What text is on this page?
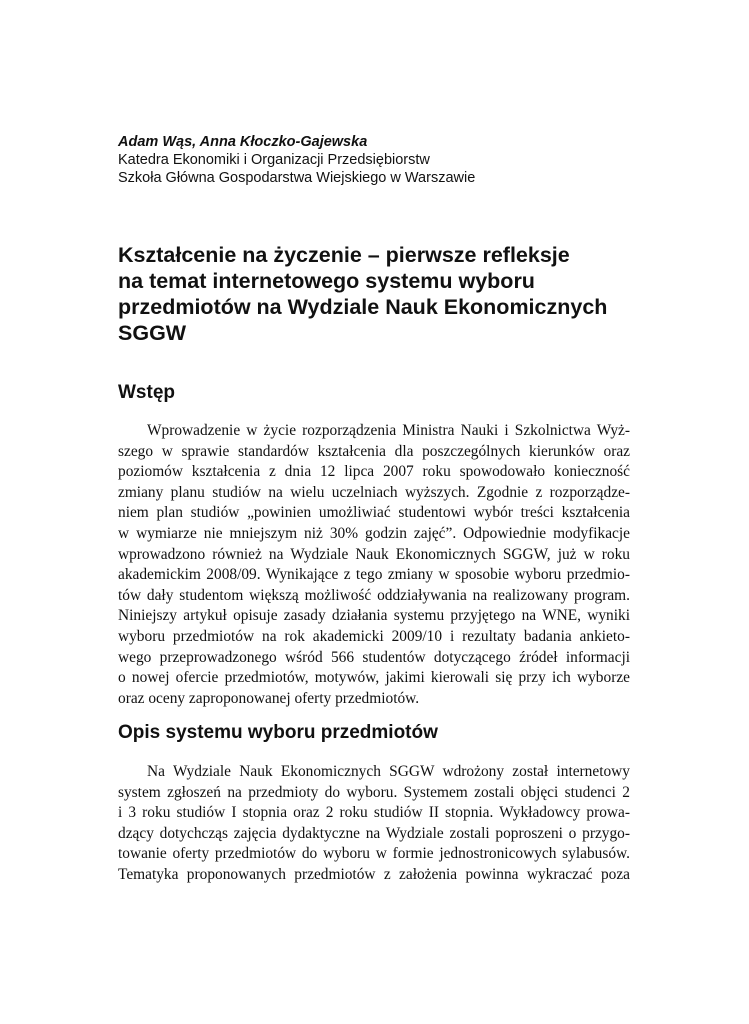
Adam Wąs, Anna Kłoczko-Gajewska
Katedra Ekonomiki i Organizacji Przedsiębiorstw
Szkoła Główna Gospodarstwa Wiejskiego w Warszawie
Kształcenie na życzenie – pierwsze refleksje
na temat internetowego systemu wyboru
przedmiotów na Wydziale Nauk Ekonomicznych
SGGW
Wstęp
Wprowadzenie w życie rozporządzenia Ministra Nauki i Szkolnictwa Wyż-
szego w sprawie standardów kształcenia dla poszczególnych kierunków oraz
poziomów kształcenia z dnia 12 lipca 2007 roku spowodowało konieczność
zmiany planu studiów na wielu uczelniach wyższych. Zgodnie z rozporządze-
niem plan studiów „powinien umożliwiać studentowi wybór treści kształcenia
w wymiarze nie mniejszym niż 30% godzin zajęć”. Odpowiednie modyfikacje
wprowadzono również na Wydziale Nauk Ekonomicznych SGGW, już w roku
akademickim 2008/09. Wynikające z tego zmiany w sposobie wyboru przedmio-
tów dały studentom większą możliwość oddziaływania na realizowany program.
Niniejszy artykuł opisuje zasady działania systemu przyjętego na WNE, wyniki
wyboru przedmiotów na rok akademicki 2009/10 i rezultaty badania ankieto-
wego przeprowadzonego wśród 566 studentów dotyczącego źródeł informacji
o nowej ofercie przedmiotów, motywów, jakimi kierowali się przy ich wyborze
oraz oceny zaproponowanej oferty przedmiotów.
Opis systemu wyboru przedmiotów
Na Wydziale Nauk Ekonomicznych SGGW wdrożony został internetowy
system zgłoszeń na przedmioty do wyboru. Systemem zostali objęci studenci 2
i 3 roku studiów I stopnia oraz 2 roku studiów II stopnia. Wykładowcy prowa-
dzący dotychcząs zajęcia dydaktyczne na Wydziale zostali poproszeni o przygo-
towanie oferty przedmiotów do wyboru w formie jednostronicowych sylabusów.
Tematyka proponowanych przedmiotów z założenia powinna wykraczać poza
